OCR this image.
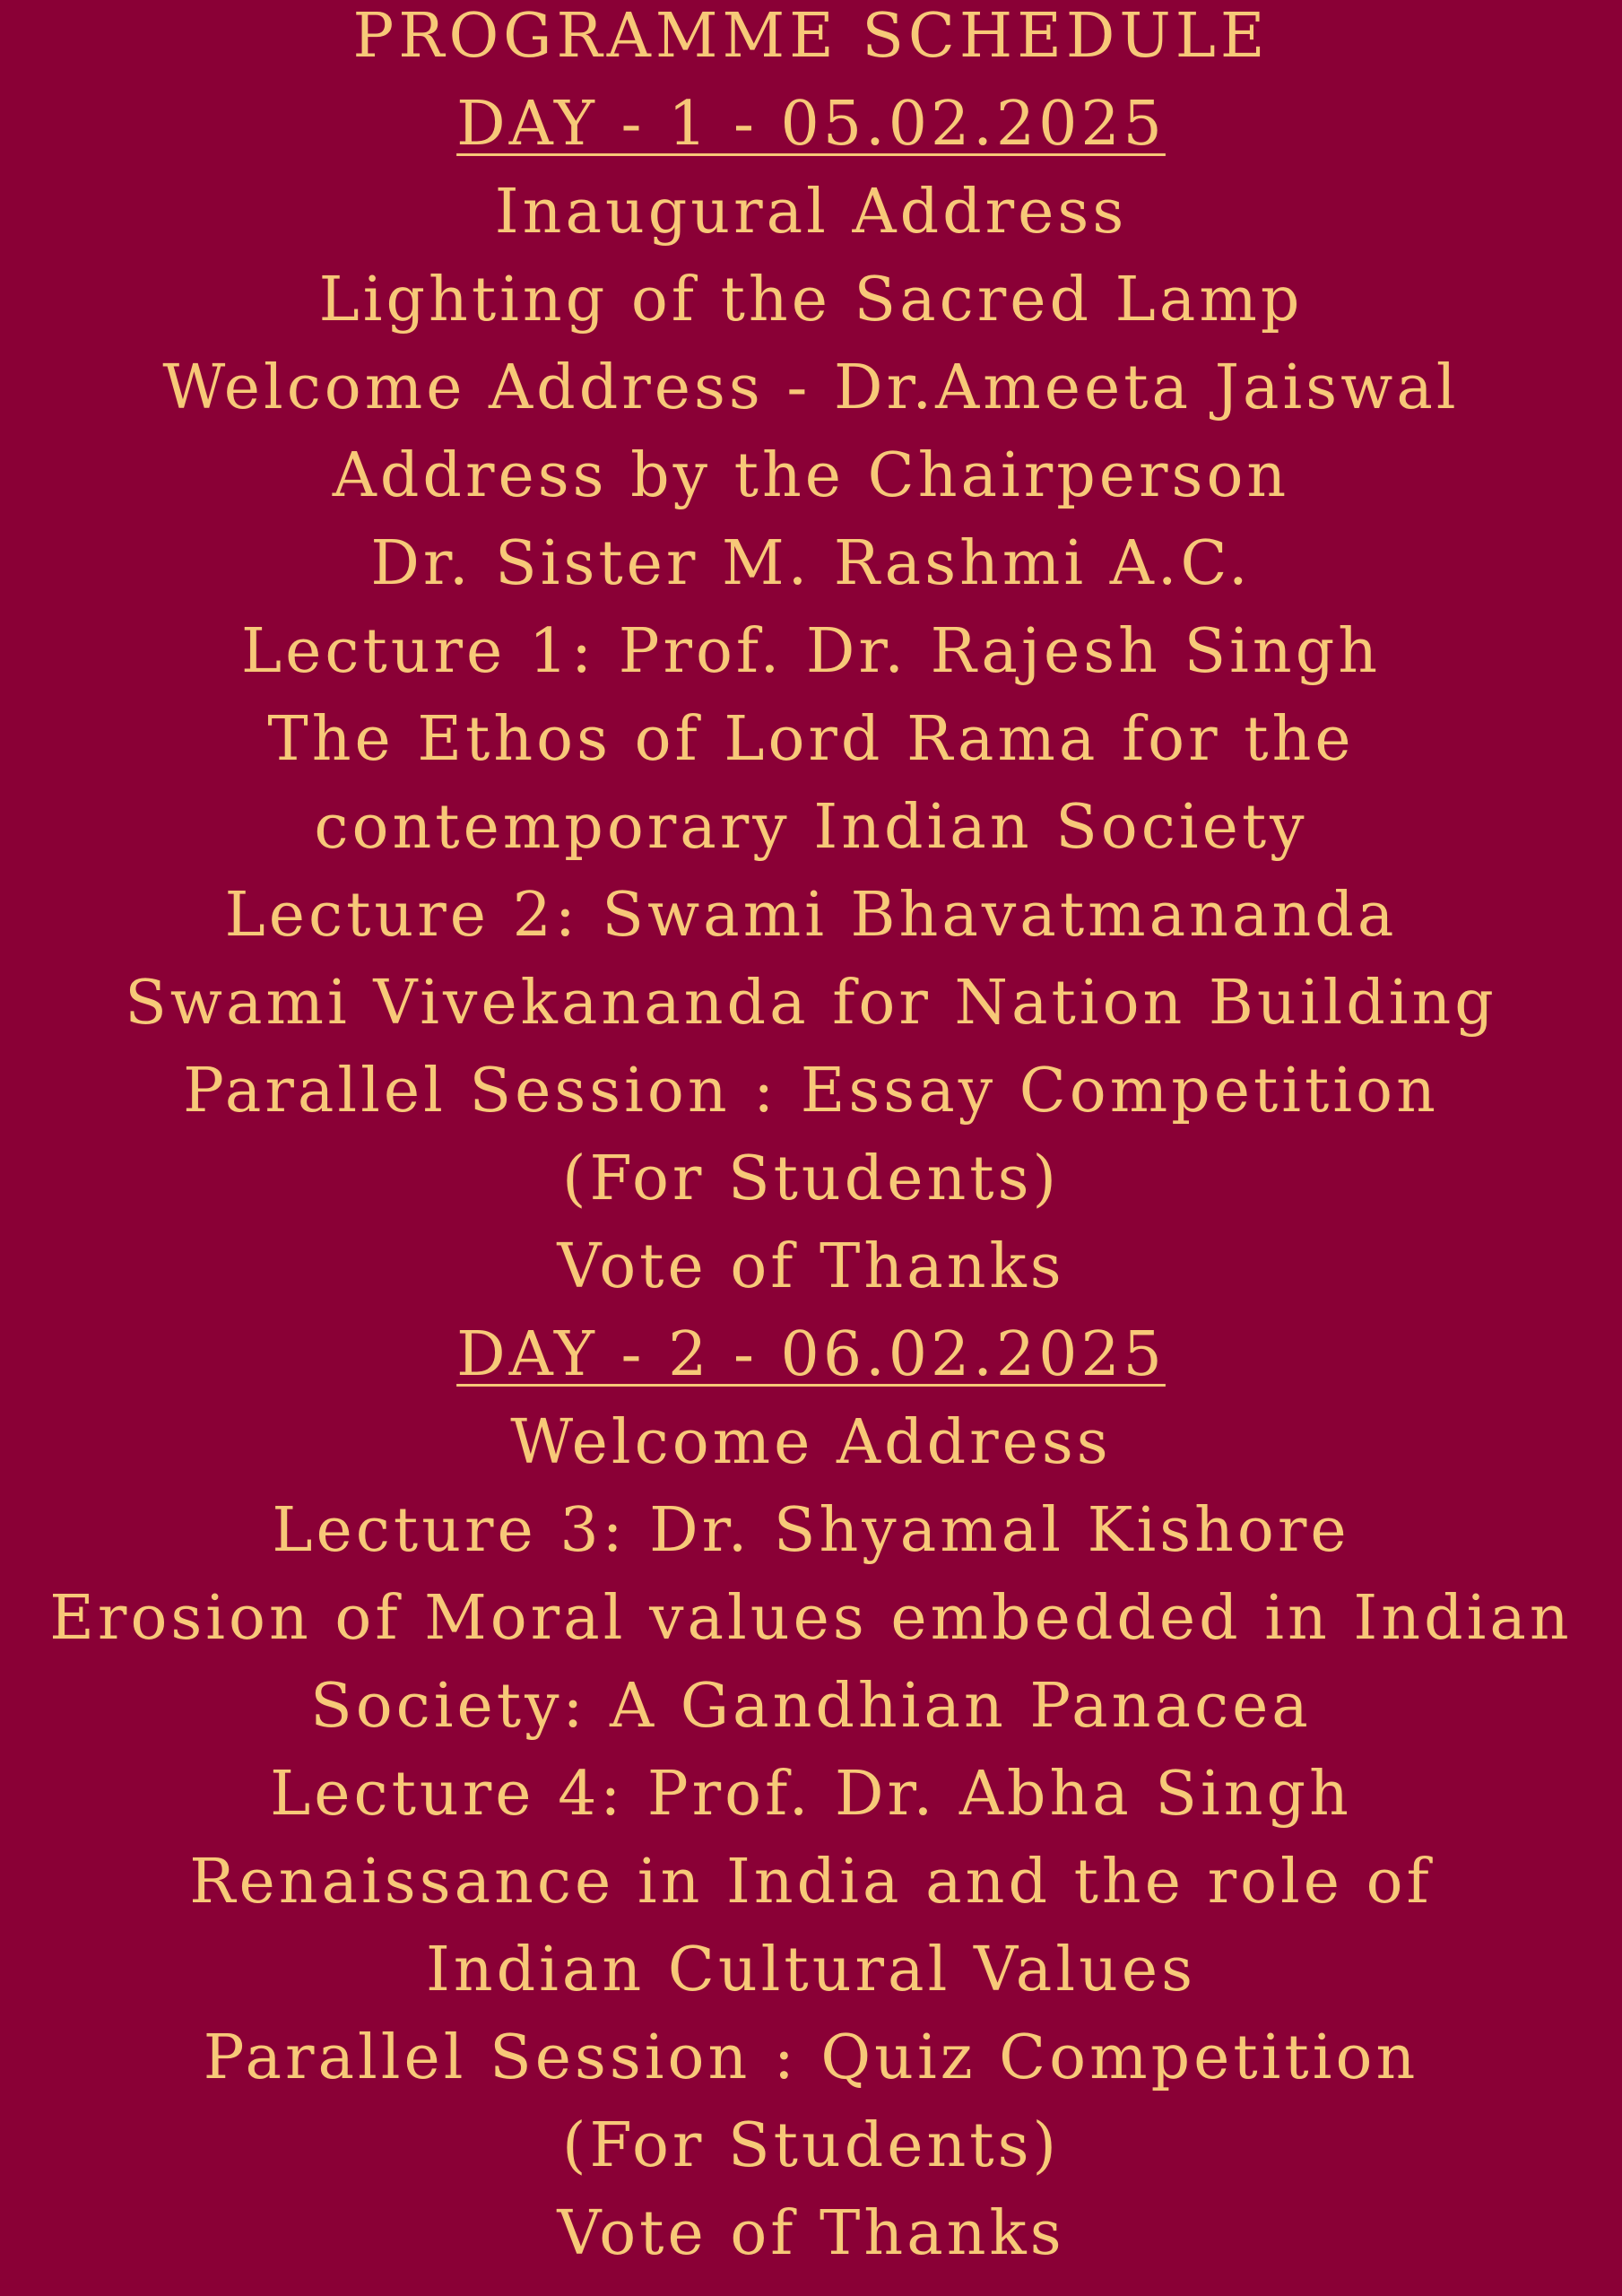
PROGRAMME SCHEDULE
DAY - 1 - 05.02.2025
Inaugural Address
Lighting of the Sacred Lamp
Welcome Address - Dr.Ameeta Jaiswal
Address by the Chairperson
Dr. Sister M. Rashmi A.C.
Lecture 1: Prof. Dr. Rajesh Singh
The Ethos of Lord Rama for the
contemporary Indian Society
Lecture 2: Swami Bhavatmananda
Swami Vivekananda for Nation Building
Parallel Session : Essay Competition
(For Students)
Vote of Thanks
DAY - 2 - 06.02.2025
Welcome Address
Lecture 3: Dr. Shyamal Kishore
Erosion of Moral values embedded in Indian
Society: A Gandhian Panacea
Lecture 4: Prof. Dr. Abha Singh
Renaissance in India and the role of
Indian Cultural Values
Parallel Session : Quiz Competition
(For Students)
Vote of Thanks
